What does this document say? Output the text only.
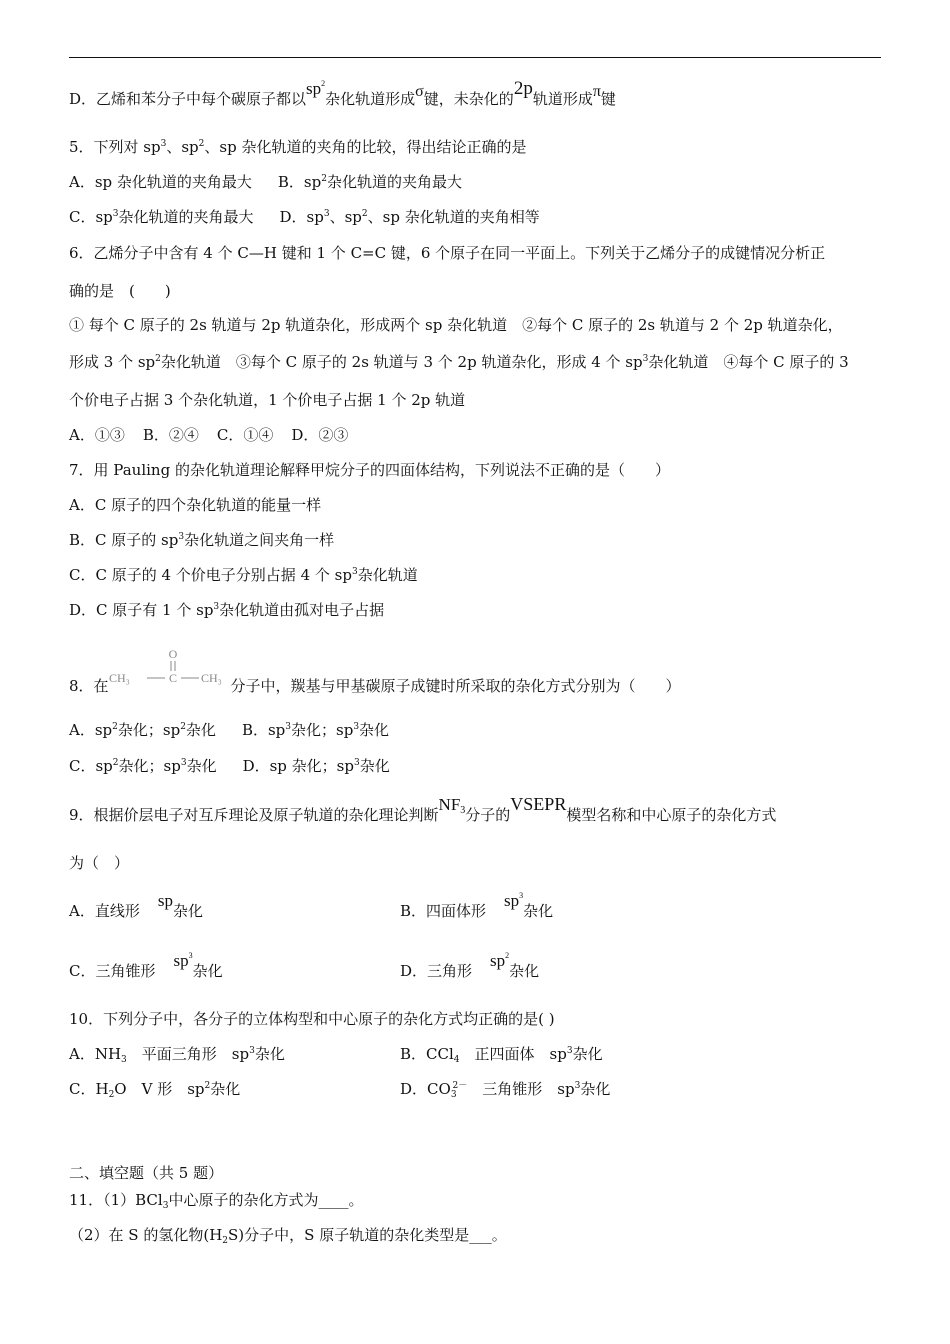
D．乙烯和苯分子中每个碳原子都以$sp^2$杂化轨道形成σ键，未杂化的2p轨道形成π键
5．下列对 $sp^3$、$sp^2$、sp 杂化轨道的夹角的比较，得出结论正确的是
A．sp 杂化轨道的夹角最大 B．$sp^2$杂化轨道的夹角最大
C．$sp^3$杂化轨道的夹角最大 D．$sp^3$、$sp^2$、sp 杂化轨道的夹角相等
6．乙烯分子中含有 4 个 C—H 键和 1 个 C=C 键，6 个原子在同一平面上。下列关于乙烯分子的成键情况分析正
确的是　(　　)
① 每个 C 原子的 2s 轨道与 2p 轨道杂化，形成两个 sp 杂化轨道　②每个 C 原子的 2s 轨道与 2 个 2p 轨道杂化，
形成 3 个 $sp^2$杂化轨道　③每个 C 原子的 2s 轨道与 3 个 2p 轨道杂化，形成 4 个 $sp^3$杂化轨道　④每个 C 原子的 3
个价电子占据 3 个杂化轨道，1 个价电子占据 1 个 2p 轨道
A．①③ B．②④ C．①④ D．②③
7．用 Pauling 的杂化轨道理论解释甲烷分子的四面体结构，下列说法不正确的是（　　）
A．C 原子的四个杂化轨道的能量一样
B．C 原子的 $sp^3$杂化轨道之间夹角一样
C．C 原子的 4 个价电子分别占据 4 个 $sp^3$杂化轨道
D．C 原子有 1 个 $sp^3$杂化轨道由孤对电子占据
8．在
O
CH₃	C CH₃ 分子中，羰基与甲基碳原子成键时所采取的杂化方式分别为（　　）
A．$sp^2$杂化；$sp^2$杂化 B．$sp^3$杂化；$sp^3$杂化
C．$sp^2$杂化；$sp^3$杂化 D．sp 杂化；$sp^3$杂化
9．根据价层电子对互斥理论及原子轨道的杂化理论判断$NF_3$分子的VSEPR模型名称和中心原子的杂化方式
为（　）
A．直线形sp杂化	B．四面体形$sp^3$杂化
C．三角锥形$sp^3$杂化	D．三角形$sp^2$杂化
10．下列分子中，各分子的立体构型和中心原子的杂化方式均正确的是( )
A．$NH_3$　平面三角形　$sp^3$杂化	B．CCl$_4$　正四面体　$sp^3$杂化
C．$H_2O$　V 形　$sp^2$杂化	D．$CO_3^{2-}$　三角锥形　$sp^3$杂化
二、填空题（共 5 题）
11．（1）BCl$_3$中心原子的杂化方式为____。
（2）在 S 的氢化物$(H_2S)$分子中，S 原子轨道的杂化类型是___。
